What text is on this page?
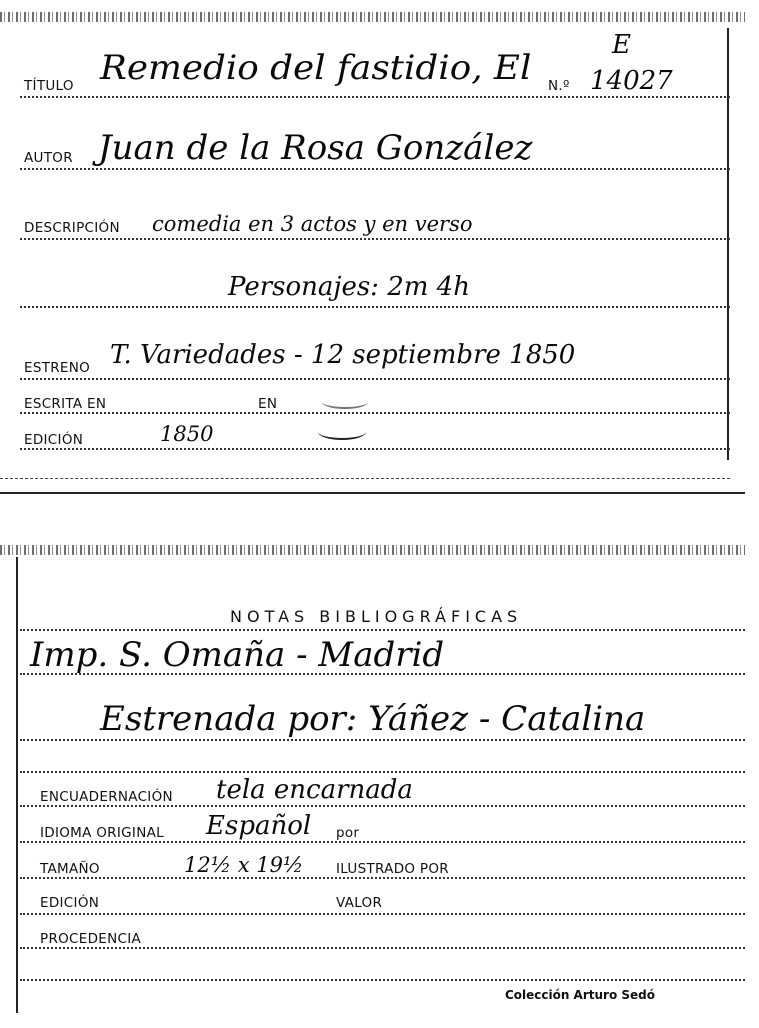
E
TÍTULO Remedio del fastidio, El N.º 14027
AUTOR Juan de la Rosa González
DESCRIPCIÓN comedia en 3 actos y en verso
Personajes: 2m 4h
ESTRENO T. Variedades - 12 septiembre 1850
ESCRITA EN	EN
EDICIÓN	1850
NOTAS BIBLIOGRÁFICAS
Imp. S. Omaña - Madrid
Estrenada por: Yáñez - Catalina
ENCUADERNACIÓN tela encarnada
IDIOMA ORIGINAL Español por
TAMAÑO	12½ x 19½ ILUSTRADO POR
EDICIÓN	VALOR
PROCEDENCIA
Colección Arturo Sedó
